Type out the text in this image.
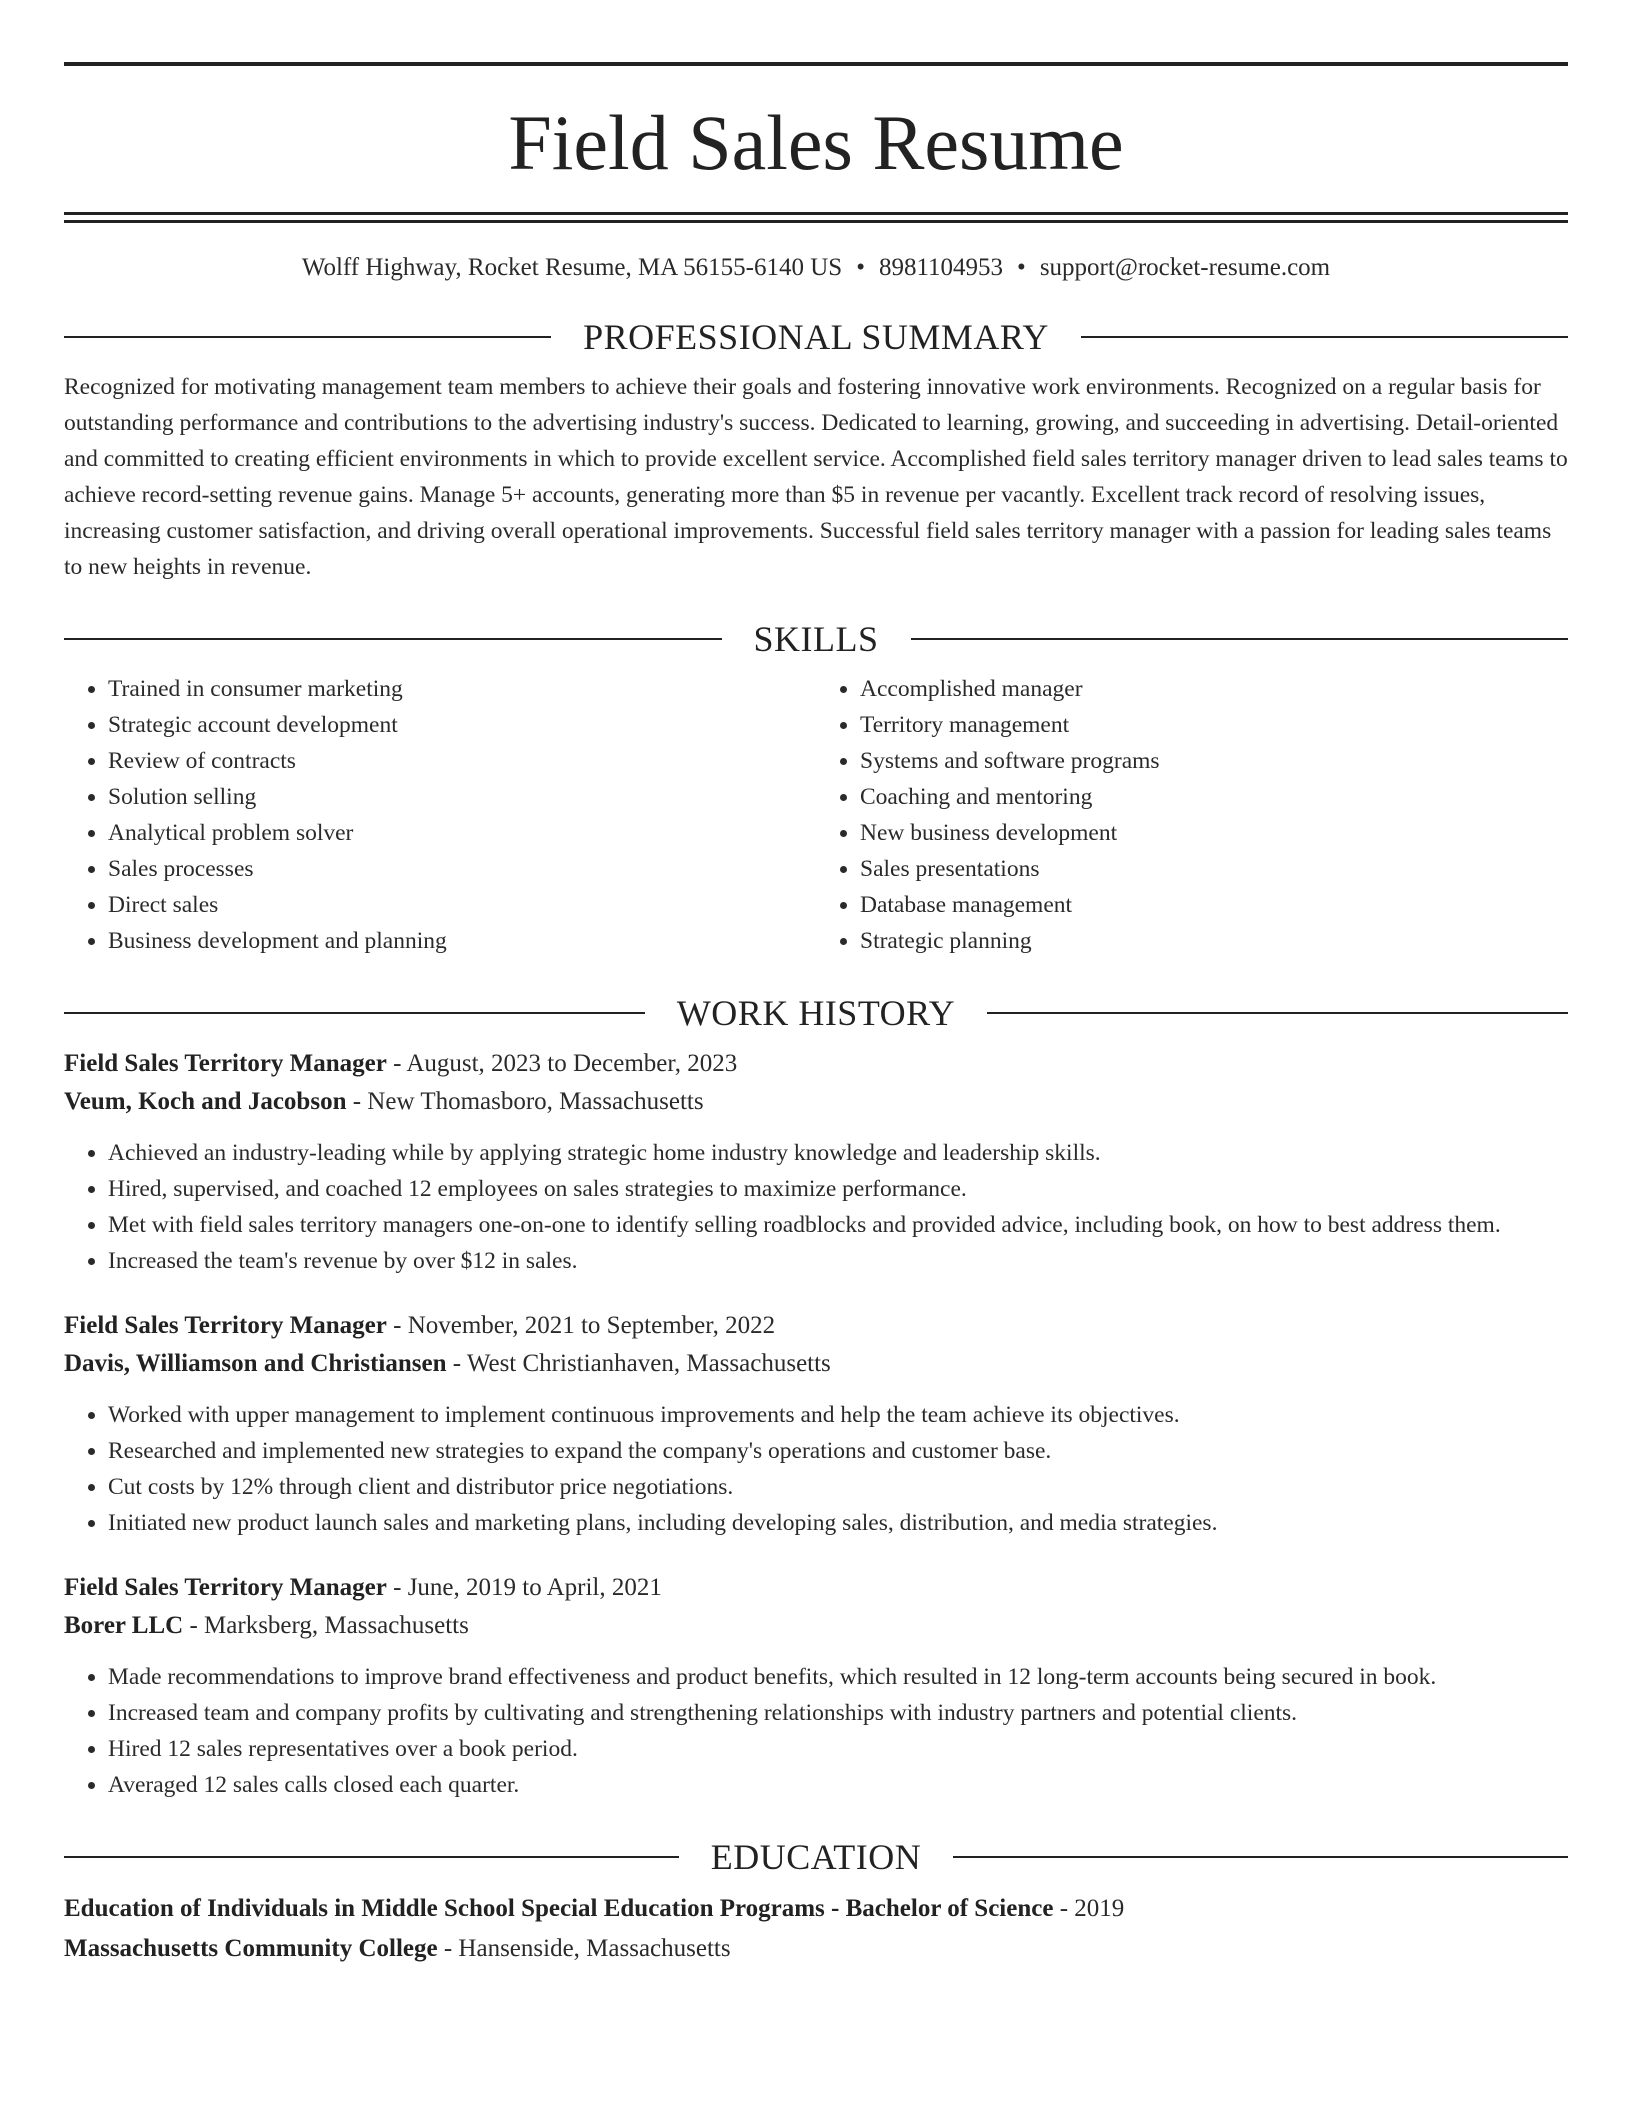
Field Sales Resume
Wolff Highway, Rocket Resume, MA 56155-6140 US • 8981104953 • support@rocket-resume.com
PROFESSIONAL SUMMARY

Recognized for motivating management team members to achieve their goals and fostering innovative work environments. Recognized on a regular basis for outstanding performance and contributions to the advertising industry's success. Dedicated to learning, growing, and succeeding in advertising. Detail-oriented and committed to creating efficient environments in which to provide excellent service. Accomplished field sales territory manager driven to lead sales teams to achieve record-setting revenue gains. Manage 5+ accounts, generating more than $5 in revenue per vacantly. Excellent track record of resolving issues, increasing customer satisfaction, and driving overall operational improvements. Successful field sales territory manager with a passion for leading sales teams to new heights in revenue.

SKILLS
• Trained in consumer marketing
• Strategic account development
• Review of contracts
• Solution selling
• Analytical problem solver
• Sales processes
• Direct sales
• Business development and planning
• Accomplished manager
• Territory management
• Systems and software programs
• Coaching and mentoring
• New business development
• Sales presentations
• Database management
• Strategic planning
WORK HISTORY
Field Sales Territory Manager - August, 2023 to December, 2023
Veum, Koch and Jacobson - New Thomasboro, Massachusetts
• Achieved an industry-leading while by applying strategic home industry knowledge and leadership skills.
• Hired, supervised, and coached 12 employees on sales strategies to maximize performance.
• Met with field sales territory managers one-on-one to identify selling roadblocks and provided advice, including book, on how to best address them.
• Increased the team's revenue by over $12 in sales.
Field Sales Territory Manager - November, 2021 to September, 2022
Davis, Williamson and Christiansen - West Christianhaven, Massachusetts
• Worked with upper management to implement continuous improvements and help the team achieve its objectives.
• Researched and implemented new strategies to expand the company's operations and customer base.
• Cut costs by 12% through client and distributor price negotiations.
• Initiated new product launch sales and marketing plans, including developing sales, distribution, and media strategies.
Field Sales Territory Manager - June, 2019 to April, 2021
Borer LLC - Marksberg, Massachusetts
• Made recommendations to improve brand effectiveness and product benefits, which resulted in 12 long-term accounts being secured in book.
• Increased team and company profits by cultivating and strengthening relationships with industry partners and potential clients.
• Hired 12 sales representatives over a book period.
• Averaged 12 sales calls closed each quarter.
EDUCATION
Education of Individuals in Middle School Special Education Programs - Bachelor of Science - 2019
Massachusetts Community College - Hansenside, Massachusetts
